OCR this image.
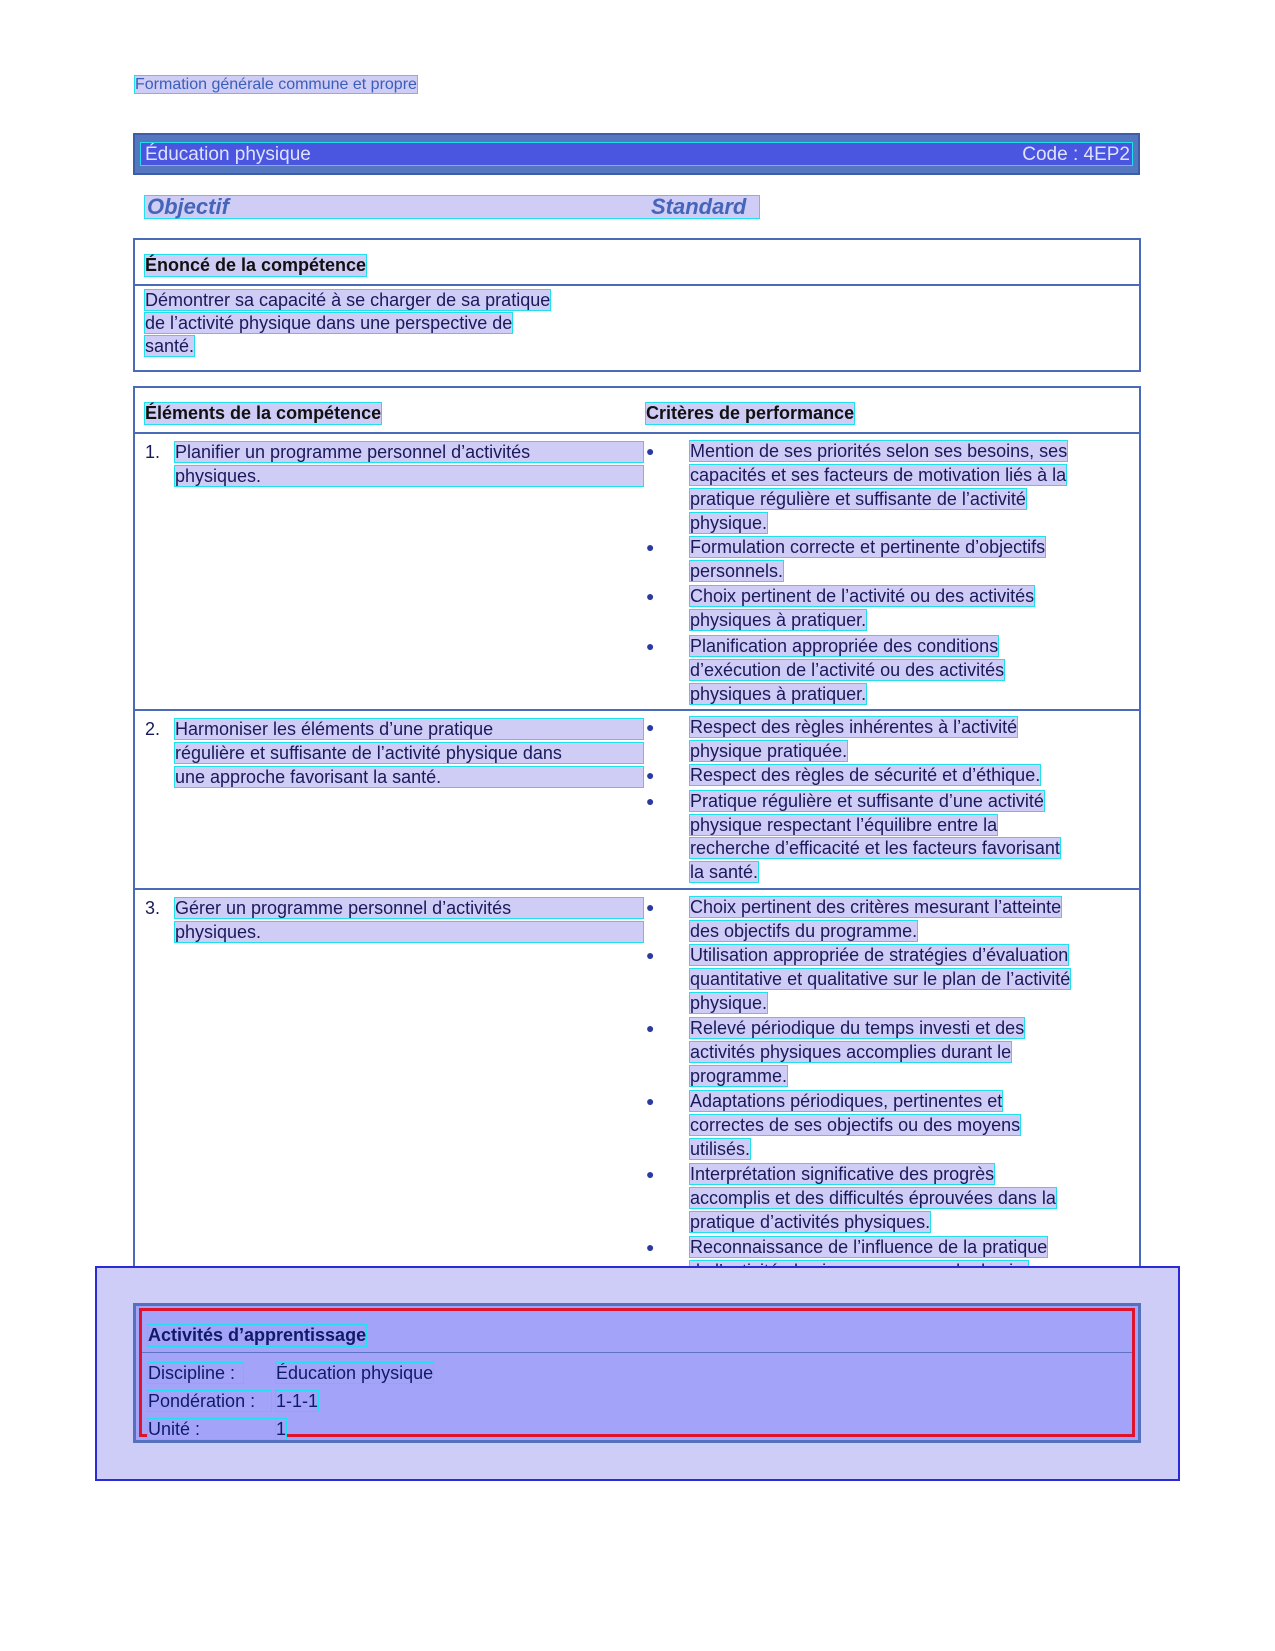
Formation générale commune et propre
Éducation physique	Code : 4EP2
Objectif	Standard
Énoncé de la compétence
Démontrer sa capacité à se charger de sa pratique
de l’activité physique dans une perspective de
santé.
Éléments de la compétence	Critères de performance
1. Planifier un programme personnel d’activités
physiques.
● Mention de ses priorités selon ses besoins, ses
capacités et ses facteurs de motivation liés à la
pratique régulière et suffisante de l’activité
physique.
● Formulation correcte et pertinente d’objectifs
personnels.
● Choix pertinent de l’activité ou des activités
physiques à pratiquer.
● Planification appropriée des conditions
d’exécution de l’activité ou des activités
physiques à pratiquer.
2. Harmoniser les éléments d’une pratique
régulière et suffisante de l’activité physique dans
une approche favorisant la santé.
● Respect des règles inhérentes à l’activité
physique pratiquée.
● Respect des règles de sécurité et d’éthique.
● Pratique régulière et suffisante d’une activité
physique respectant l’équilibre entre la
recherche d’efficacité et les facteurs favorisant
la santé.
3. Gérer un programme personnel d’activités
physiques.
● Choix pertinent des critères mesurant l’atteinte
des objectifs du programme.
● Utilisation appropriée de stratégies d’évaluation
quantitative et qualitative sur le plan de l’activité
physique.
● Relevé périodique du temps investi et des
activités physiques accomplies durant le
programme.
● Adaptations périodiques, pertinentes et
correctes de ses objectifs ou des moyens
utilisés.
● Interprétation significative des progrès
accomplis et des difficultés éprouvées dans la
pratique d’activités physiques.
● Reconnaissance de l’influence de la pratique
Activités d’apprentissage
Discipline :	Éducation physique
Pondération :	1-1-1
Unité :	1
